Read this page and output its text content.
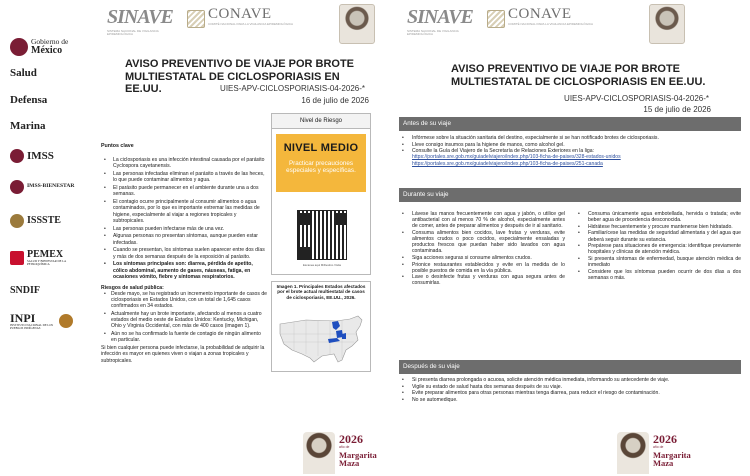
Gobierno de
México
Salud
Defensa
Marina
IMSS
IMSS-BIENESTAR
ISSSTE
PEMEX
SALUD Y BIENESTAR DE LA PETROQUÍMICA
SNDIF
INPI
INSTITUTO NACIONAL DE LOS PUEBLOS INDÍGENAS
SINAVE
SISTEMA NACIONAL DE VIGILANCIA EPIDEMIOLÓGICA
CONAVE
COMITÉ NACIONAL PARA LA VIGILANCIA EPIDEMIOLÓGICA
AVISO PREVENTIVO DE VIAJE POR BROTE MULTIESTATAL DE CICLOSPORIASIS EN EE.UU.	UIES-APV-CICLOSPORIASIS-04-2026-*
16 de julio de 2026
Puntos clave
• La ciclosporiasis es una infección intestinal causada por el parásito Cyclospora cayetanensis.
• Las personas infectadas eliminan el parásito a través de las heces, lo que puede contaminar alimentos y agua.
• El parásito puede permanecer en el ambiente durante una a dos semanas.
• El contagio ocurre principalmente al consumir alimentos o agua contaminados, por lo que es importante extremar las medidas de higiene, especialmente al viajar a regiones tropicales y subtropicales.
• Las personas pueden infectarse más de una vez.
• Algunas personas no presentan síntomas, aunque pueden estar infectadas.
• Cuando se presentan, los síntomas suelen aparecer entre dos días y más de dos semanas después de la exposición al parásito.
• Los síntomas principales son: diarrea, pérdida de apetito, cólico abdominal, aumento de gases, náuseas, fatiga, en ocasiones vómito, fiebre y síntomas respiratorios.
Riesgos de salud pública:
• Desde mayo, se ha registrado un incremento importante de casos de ciclosporiasis en Estados Unidos, con un total de 1,645 casos confirmados en 34 estados.
• Actualmente hay un brote importante, afectando al menos a cuatro estados del medio oeste de Estados Unidos: Kentucky, Michigan, Ohio y Virginia Occidental, con más de 400 casos (imagen 1).
• Aún no se ha confirmado la fuente de contagio de ningún alimento en particular.
Si bien cualquier persona puede infectarse, la probabilidad de adquirir la infección es mayor en quienes viven o viajan a zonas tropicales y subtropicales.
Nivel de Riesgo
NIVEL MEDIO
Practicar precauciones especiales y específicas.
Escanea aquí MiDestino Visita
Imagen 1. Principales Estados afectados por el brote actual multiestatal de casos de ciclosporiasis, EE.UU., 2026.
2026
año de
Margarita
Maza
SINAVE
SISTEMA NACIONAL DE VIGILANCIA EPIDEMIOLÓGICA
CONAVE
COMITÉ NACIONAL PARA LA VIGILANCIA EPIDEMIOLÓGICA
AVISO PREVENTIVO DE VIAJE POR BROTE MULTIESTATAL DE CICLOSPORIASIS EN EE.UU.
UIES-APV-CICLOSPORIASIS-04-2026-*
15 de julio de 2026
Antes de su viaje
• Infórmese sobre la situación sanitaria del destino, especialmente si se han notificado brotes de ciclosporiasis.
• Lleve consigo insumos para la higiene de manos, como alcohol gel.
• Consulte la Guía del Viajero de la Secretaría de Relaciones Exteriores en la liga:
https://portales.sre.gob.mx/guiadelviajero/index.php/103-ficha-de-paises/328-estados-unidos
https://portales.sre.gob.mx/guiadelviajero/index.php/103-ficha-de-paises/251-canada
Durante su viaje
• Lávese las manos frecuentemente con agua y jabón, o utilice gel antibacterial con al menos 70 % de alcohol, especialmente antes de comer, antes de preparar alimentos y después de ir al sanitario.
• Consuma alimentos bien cocidos, lave frutas y verduras, evite alimentos crudos o poco cocidos, especialmente ensaladas y productos frescos que puedan haber sido lavados con agua contaminada.
• Siga acciones seguras si consume alimentos crudos.
• Prionice restaurantes establecidos y evite en la medida de lo posible puestos de comida en la vía pública.
• Lave o desinfecte frutas y verduras con agua segura antes de consumirlas.
• Consuma únicamente agua embotellada, hervida o tratada; evite beber agua de procedencia desconocida.
• Hidrátese frecuentemente y procure mantenerse bien hidratado.
• Familiarícese las medidas de seguridad alimentaria y del agua que deberá seguir durante su estancia.
• Prepárese para situaciones de emergencia: identifique previamente hospitales y clínicas de atención médica.
• Si presenta síntomas de enfermedad, busque atención médica de inmediato
• Considere que los síntomas pueden ocurrir de dos días a dos semanas o más.
Después de su viaje
• Si presenta diarrea prolongada o acuosa, solicite atención médica inmediata, informando su antecedente de viaje.
• Vigile su estado de salud hasta dos semanas después de su viaje.
• Evite preparar alimentos para otras personas mientras tenga diarrea, para reducir el riesgo de contaminación.
• No se automedique.
2026
año de
Margarita
Maza
